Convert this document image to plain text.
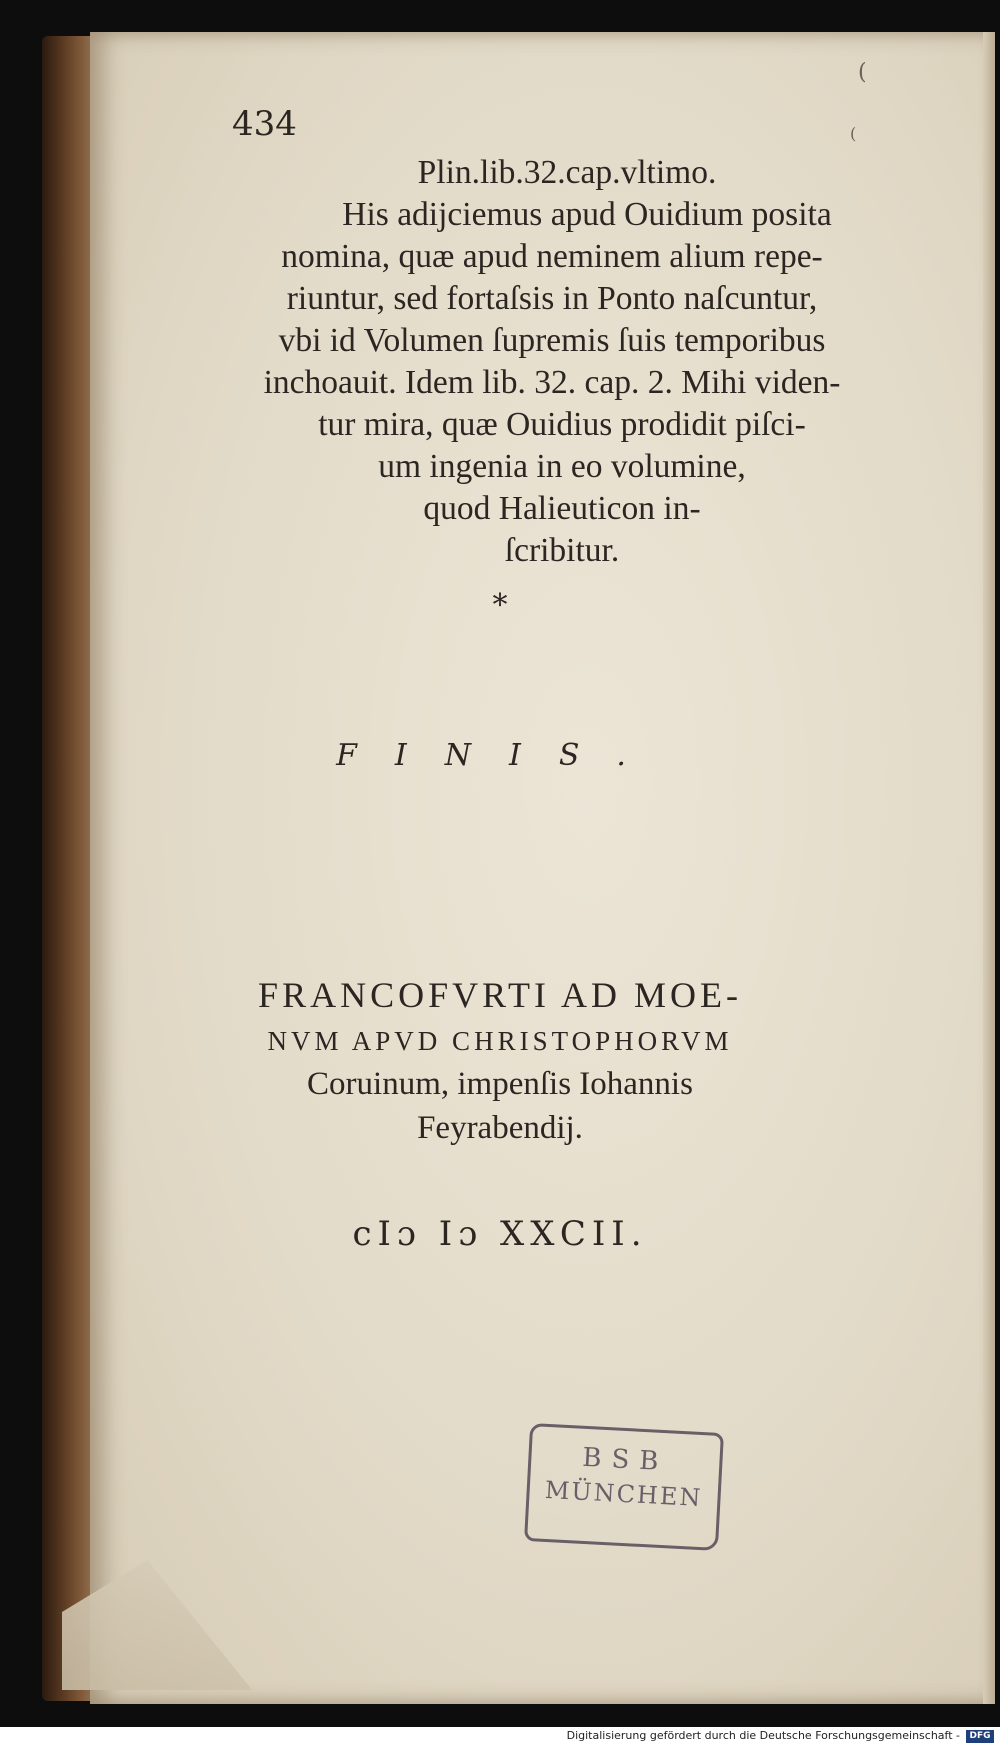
(
(

434

Plin.lib.32.cap.vltimo.
His adijciemus apud Ouidium posita
nomina, quæ apud neminem alium repe-
riuntur, sed fortaſsis in Ponto naſcuntur,
vbi id Volumen ſupremis ſuis temporibus
inchoauit. Idem lib. 32. cap. 2. Mihi viden-
tur mira, quæ Ouidius prodidit piſci-
um ingenia in eo volumine,
quod Halieuticon in-
ſcribitur.

*

FINIS.

FRANCOFVRTI AD MOE-
NVM APVD CHRISTOPHORVM
Coruinum, impenſis Iohannis
Feyrabendij.

cIɔ Iɔ XXCII.

BSB
MÜNCHEN
Digitalisierung gefördert durch die Deutsche Forschungsgemeinschaft -	DFG
